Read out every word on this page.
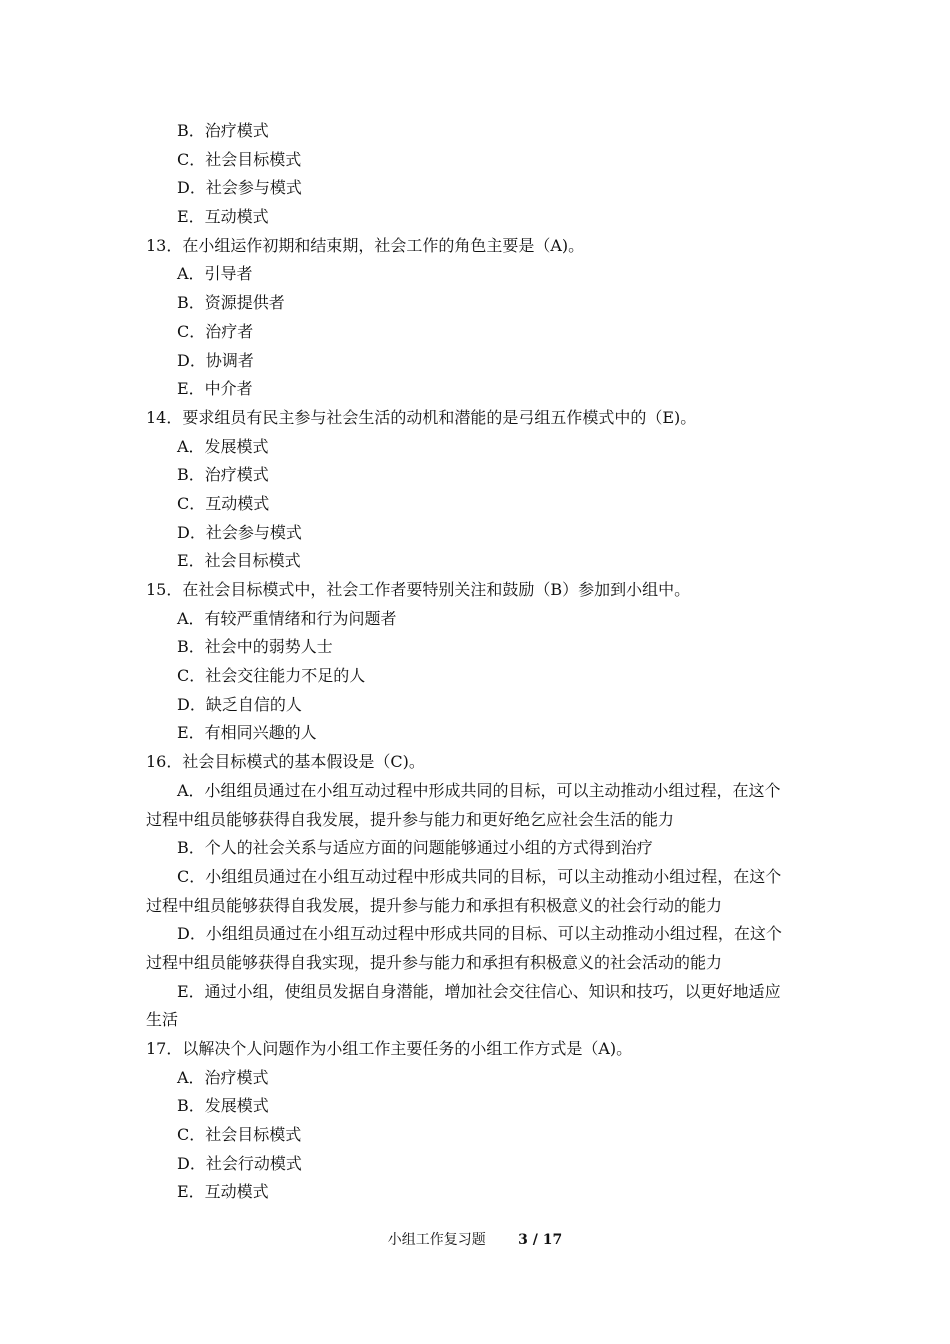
B．治疗模式
C．社会目标模式
D．社会参与模式
E．互动模式
13．在小组运作初期和结束期，社会工作的角色主要是（A)。
A．引导者
B．资源提供者
C．治疗者
D．协调者
E．中介者
14．要求组员有民主参与社会生活的动机和潜能的是弓组五作模式中的（E)。
A．发展模式
B．治疗模式
C．互动模式
D．社会参与模式
E．社会目标模式
15．在社会目标模式中，社会工作者要特别关注和鼓励（B）参加到小组中。
A．有较严重情绪和行为问题者
B．社会中的弱势人士
C．社会交往能力不足的人
D．缺乏自信的人
E．有相同兴趣的人
16．社会目标模式的基本假设是（C)。
A．小组组员通过在小组互动过程中形成共同的目标，可以主动推动小组过程，在这个
过程中组员能够获得自我发展，提升参与能力和更好绝乞应社会生活的能力
B．个人的社会关系与适应方面的问题能够通过小组的方式得到治疗
C．小组组员通过在小组互动过程中形成共同的目标，可以主动推动小组过程，在这个
过程中组员能够获得自我发展，提升参与能力和承担有积极意义的社会行动的能力
D．小组组员通过在小组互动过程中形成共同的目标、可以主动推动小组过程，在这个
过程中组员能够获得自我实现，提升参与能力和承担有积极意义的社会活动的能力
E．通过小组，使组员发据自身潜能，增加社会交往信心、知识和技巧，以更好地适应
生活
17．以解决个人问题作为小组工作主要任务的小组工作方式是（A)。
A．治疗模式
B．发展模式
C．社会目标模式
D．社会行动模式
E．互动模式
小组工作复习题 3 / 17
